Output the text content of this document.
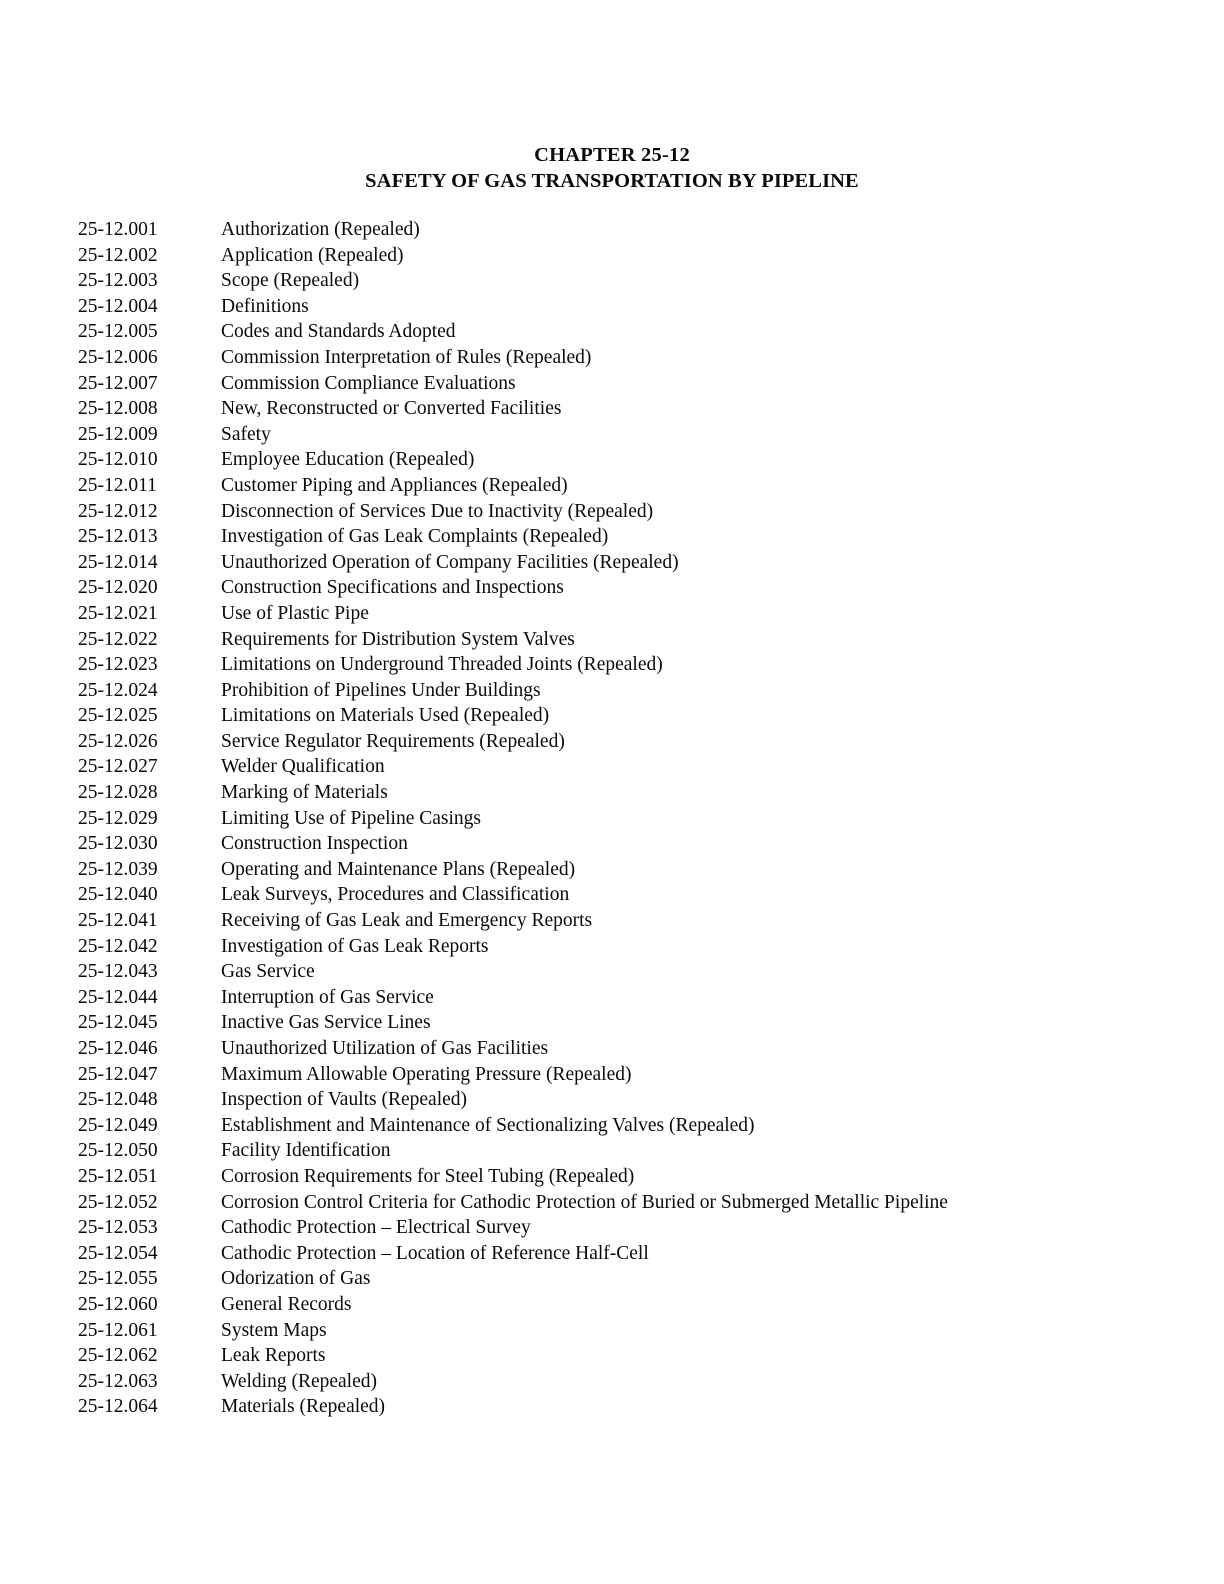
CHAPTER 25-12
SAFETY OF GAS TRANSPORTATION BY PIPELINE
25-12.001	Authorization (Repealed)
25-12.002	Application (Repealed)
25-12.003	Scope (Repealed)
25-12.004	Definitions
25-12.005	Codes and Standards Adopted
25-12.006	Commission Interpretation of Rules (Repealed)
25-12.007	Commission Compliance Evaluations
25-12.008	New, Reconstructed or Converted Facilities
25-12.009	Safety
25-12.010	Employee Education (Repealed)
25-12.011	Customer Piping and Appliances (Repealed)
25-12.012	Disconnection of Services Due to Inactivity (Repealed)
25-12.013	Investigation of Gas Leak Complaints (Repealed)
25-12.014	Unauthorized Operation of Company Facilities (Repealed)
25-12.020	Construction Specifications and Inspections
25-12.021	Use of Plastic Pipe
25-12.022	Requirements for Distribution System Valves
25-12.023	Limitations on Underground Threaded Joints (Repealed)
25-12.024	Prohibition of Pipelines Under Buildings
25-12.025	Limitations on Materials Used (Repealed)
25-12.026	Service Regulator Requirements (Repealed)
25-12.027	Welder Qualification
25-12.028	Marking of Materials
25-12.029	Limiting Use of Pipeline Casings
25-12.030	Construction Inspection
25-12.039	Operating and Maintenance Plans (Repealed)
25-12.040	Leak Surveys, Procedures and Classification
25-12.041	Receiving of Gas Leak and Emergency Reports
25-12.042	Investigation of Gas Leak Reports
25-12.043	Gas Service
25-12.044	Interruption of Gas Service
25-12.045	Inactive Gas Service Lines
25-12.046	Unauthorized Utilization of Gas Facilities
25-12.047	Maximum Allowable Operating Pressure (Repealed)
25-12.048	Inspection of Vaults (Repealed)
25-12.049	Establishment and Maintenance of Sectionalizing Valves (Repealed)
25-12.050	Facility Identification
25-12.051	Corrosion Requirements for Steel Tubing (Repealed)
25-12.052	Corrosion Control Criteria for Cathodic Protection of Buried or Submerged Metallic Pipeline
25-12.053	Cathodic Protection – Electrical Survey
25-12.054	Cathodic Protection – Location of Reference Half-Cell
25-12.055	Odorization of Gas
25-12.060	General Records
25-12.061	System Maps
25-12.062	Leak Reports
25-12.063	Welding (Repealed)
25-12.064	Materials (Repealed)
